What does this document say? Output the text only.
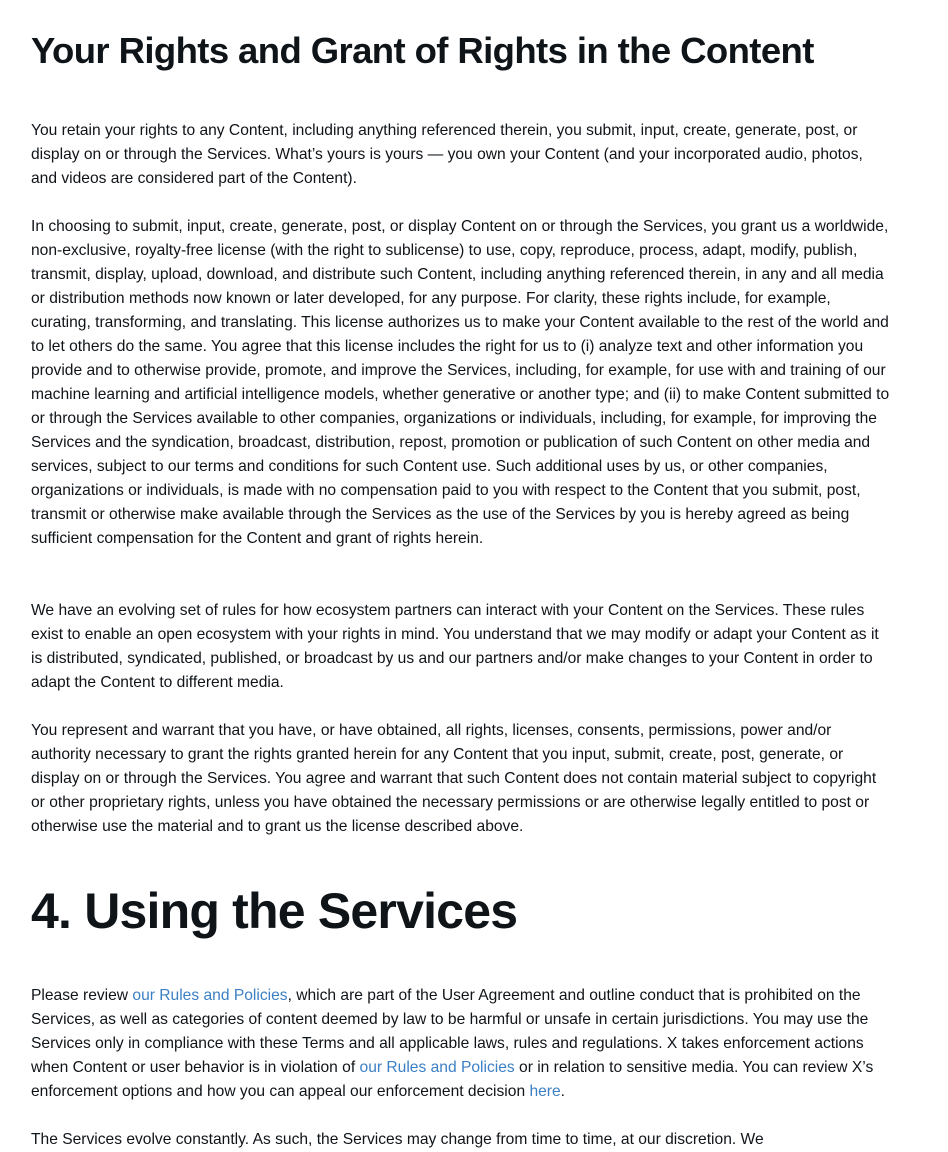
Your Rights and Grant of Rights in the Content

You retain your rights to any Content, including anything referenced therein, you submit, input, create, generate, post, or display on or through the Services. What’s yours is yours — you own your Content (and your incorporated audio, photos, and videos are considered part of the Content).

In choosing to submit, input, create, generate, post, or display Content on or through the Services, you grant us a worldwide, non-exclusive, royalty-free license (with the right to sublicense) to use, copy, reproduce, process, adapt, modify, publish, transmit, display, upload, download, and distribute such Content, including anything referenced therein, in any and all media or distribution methods now known or later developed, for any purpose. For clarity, these rights include, for example, curating, transforming, and translating. This license authorizes us to make your Content available to the rest of the world and to let others do the same. You agree that this license includes the right for us to (i) analyze text and other information you provide and to otherwise provide, promote, and improve the Services, including, for example, for use with and training of our machine learning and artificial intelligence models, whether generative or another type; and (ii) to make Content submitted to or through the Services available to other companies, organizations or individuals, including, for example, for improving the Services and the syndication, broadcast, distribution, repost, promotion or publication of such Content on other media and services, subject to our terms and conditions for such Content use. Such additional uses by us, or other companies, organizations or individuals, is made with no compensation paid to you with respect to the Content that you submit, post, transmit or otherwise make available through the Services as the use of the Services by you is hereby agreed as being sufficient compensation for the Content and grant of rights herein.

We have an evolving set of rules for how ecosystem partners can interact with your Content on the Services. These rules exist to enable an open ecosystem with your rights in mind. You understand that we may modify or adapt your Content as it is distributed, syndicated, published, or broadcast by us and our partners and/or make changes to your Content in order to adapt the Content to different media.

You represent and warrant that you have, or have obtained, all rights, licenses, consents, permissions, power and/or authority necessary to grant the rights granted herein for any Content that you input, submit, create, post, generate, or display on or through the Services. You agree and warrant that such Content does not contain material subject to copyright or other proprietary rights, unless you have obtained the necessary permissions or are otherwise legally entitled to post or otherwise use the material and to grant us the license described above.

4. Using the Services

Please review our Rules and Policies, which are part of the User Agreement and outline conduct that is prohibited on the Services, as well as categories of content deemed by law to be harmful or unsafe in certain jurisdictions. You may use the Services only in compliance with these Terms and all applicable laws, rules and regulations. X takes enforcement actions when Content or user behavior is in violation of our Rules and Policies or in relation to sensitive media. You can review X’s enforcement options and how you can appeal our enforcement decision here.

The Services evolve constantly. As such, the Services may change from time to time, at our discretion. We
